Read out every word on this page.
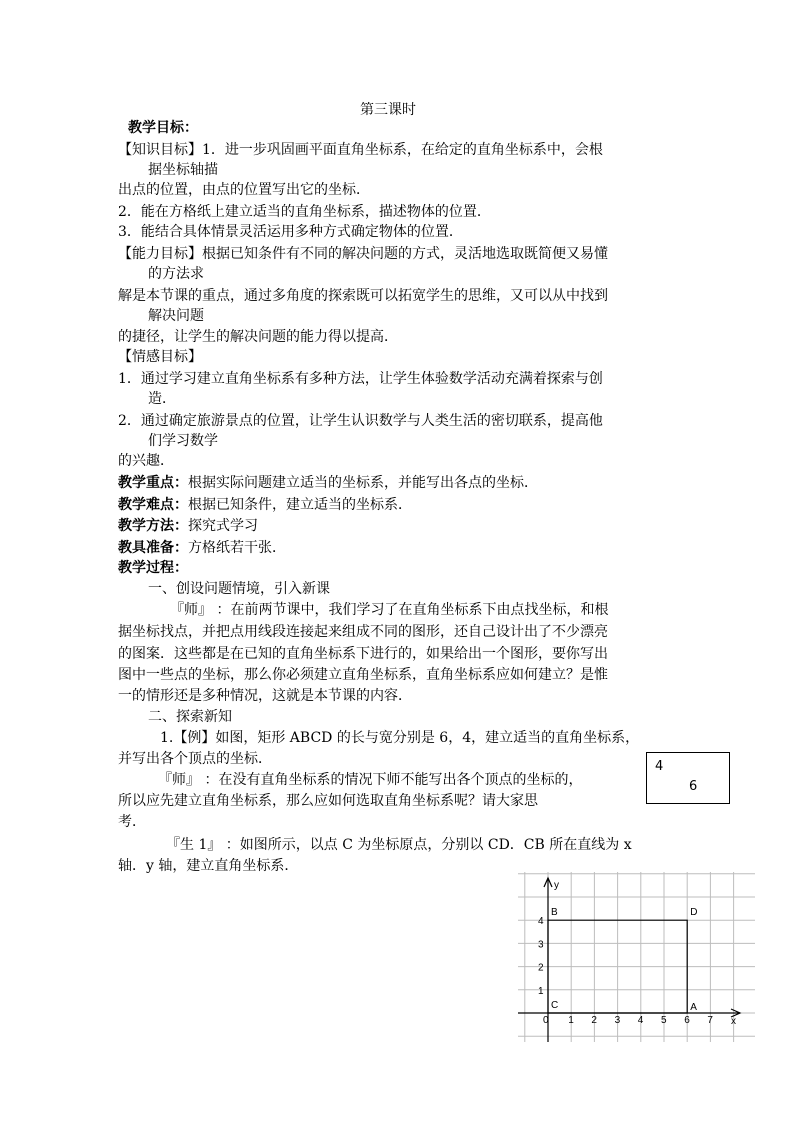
第三课时
教学目标：
【知识目标】1．进一步巩固画平面直角坐标系，在给定的直角坐标系中，会根
据坐标轴描
出点的位置，由点的位置写出它的坐标．
2．能在方格纸上建立适当的直角坐标系，描述物体的位置．
3．能结合具体情景灵活运用多种方式确定物体的位置．
【能力目标】根据已知条件有不同的解决问题的方式，灵活地选取既简便又易懂
的方法求
解是本节课的重点，通过多角度的探索既可以拓宽学生的思维，又可以从中找到
解决问题
的捷径，让学生的解决问题的能力得以提高．
【情感目标】
1．通过学习建立直角坐标系有多种方法，让学生体验数学活动充满着探索与创
造．
2．通过确定旅游景点的位置，让学生认识数学与人类生活的密切联系，提高他
们学习数学
的兴趣．
教学重点：根据实际问题建立适当的坐标系，并能写出各点的坐标．
教学难点：根据已知条件，建立适当的坐标系．
教学方法：探究式学习
教具准备：方格纸若干张．
教学过程：
一、创设问题情境，引入新课
『师』 ：在前两节课中，我们学习了在直角坐标系下由点找坐标，和根
据坐标找点，并把点用线段连接起来组成不同的图形，还自己设计出了不少漂亮
的图案．这些都是在已知的直角坐标系下进行的，如果给出一个图形，要你写出
图中一些点的坐标，那么你必须建立直角坐标系，直角坐标系应如何建立？是惟
一的情形还是多种情况，这就是本节课的内容．
二、探索新知
1.【例】如图，矩形 ABCD 的长与宽分别是 6，4，建立适当的直角坐标系，
并写出各个顶点的坐标．
『师』 ：在没有直角坐标系的情况下师不能写出各个顶点的坐标的，
所以应先建立直角坐标系，那么应如何选取直角坐标系呢？请大家思
考．
『生 1』 ：如图所示，以点 C 为坐标原点，分别以 CD．CB 所在直线为 x
轴．y 轴，建立直角坐标系．
4
6
0 1 2 3 4 5 6 7
1
2
3
4
x
y
A
B
C
D
